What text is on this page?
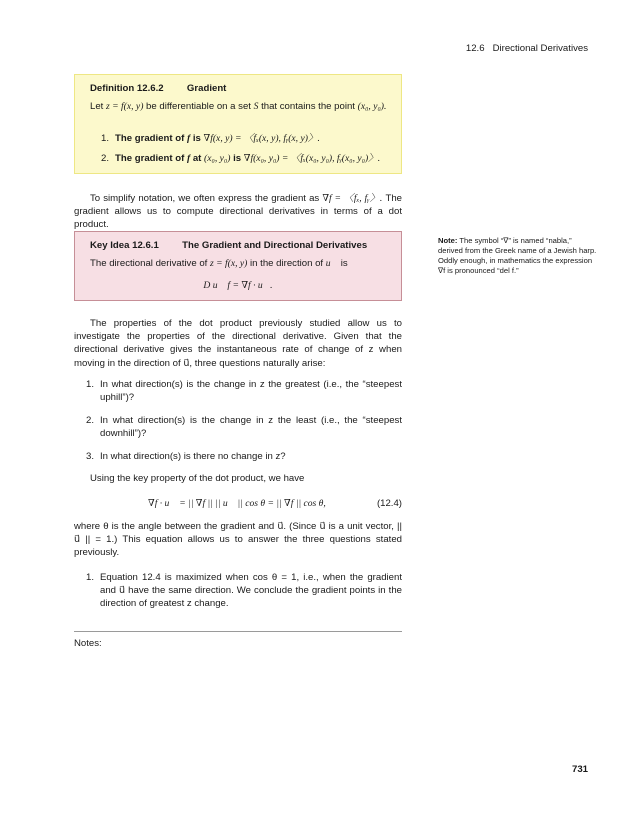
12.6 Directional Derivatives
Definition 12.6.2 Gradient
Let z = f(x, y) be differentiable on a set S that contains the point (x₀, y₀).
1. The gradient of f is ∇f(x, y) = 〈fₓ(x, y), fᵧ(x, y)〉.
2. The gradient of f at (x₀, y₀) is ∇f(x₀, y₀) = 〈fₓ(x₀, y₀), fᵧ(x₀, y₀)〉.
To simplify notation, we often express the gradient as ∇f = 〈fₓ, fᵧ〉. The gradient allows us to compute directional derivatives in terms of a dot product.
Key Idea 12.6.1 The Gradient and Directional Derivatives
The directional derivative of z = f(x, y) in the direction of u⃗ is
D u⃗ f = ∇f · u⃗.
Note: The symbol “∇” is named “nabla,” derived from the Greek name of a Jewish harp. Oddly enough, in mathematics the expression ∇f is pronounced “del f.”
The properties of the dot product previously studied allow us to investigate the properties of the directional derivative. Given that the directional derivative gives the instantaneous rate of change of z when moving in the direction of u⃗, three questions naturally arise:
1. In what direction(s) is the change in z the greatest (i.e., the “steepest uphill”)?
2. In what direction(s) is the change in z the least (i.e., the “steepest downhill”)?
3. In what direction(s) is there no change in z?
Using the key property of the dot product, we have
∇f · u⃗ = || ∇f || || u⃗ || cos θ = || ∇f || cos θ,	(12.4)
where θ is the angle between the gradient and u⃗. (Since u⃗ is a unit vector, || u⃗ || = 1.) This equation allows us to answer the three questions stated previously.
1. Equation 12.4 is maximized when cos θ = 1, i.e., when the gradient and u⃗ have the same direction. We conclude the gradient points in the direction of greatest z change.
Notes:
731
